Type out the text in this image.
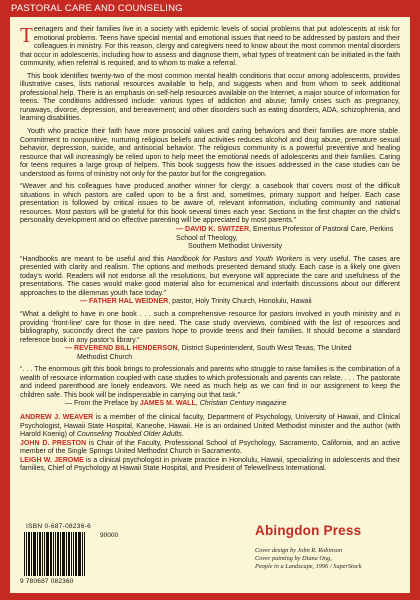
PASTORAL CARE AND COUNSELING

Teenagers and their families live in a society with epidemic levels of social problems that put adolescents at risk for emotional problems. Teens have special mental and emotional issues that need to be addressed by pastors and their colleagues in ministry. For this reason, clergy and caregivers need to know about the most common mental disorders that occur in adolescents, including how to assess and diagnose them, what types of treatment can be initiated in the faith community, when referral is required, and to whom to make a referral.

This book identifies twenty-two of the most common mental health conditions that occur among adolescents, provides illustrative cases, lists national resources available to help, and suggests when and from whom to seek additional professional help. There is an emphasis on self-help resources available on the Internet, a major source of information for teens. The conditions addressed include: various types of addiction and abuse; family crises such as pregnancy, runaways, divorce, depression, and bereavement; and other disorders such as eating disorders, ADA, schizophrenia, and learning disabilities.

Youth who practice their faith have more prosocial values and caring behaviors and their families are more stable. Commitment to nonpunitive, nurturing religious beliefs and activities reduces alcohol and drug abuse, premature sexual behavior, depression, suicide, and antisocial behavior. The religious community is a powerful preventive and healing resource that will increasingly be relied upon to help meet the emotional needs of adolescents and their families. Caring for teens requires a large group of helpers. This book suggests how the issues addressed in the case studies can be understood as forms of ministry not only for the pastor but for the congregation.

“Weaver and his colleagues have produced another winner for clergy: a casebook that covers most of the difficult situations in which pastors are called upon to be a first and, sometimes, primary support and helper. Each case presentation is followed by critical issues to be aware of, relevant information, including community and national resources. Most pastors will be grateful for this book several times each year. Sections in the first chapter on the child’s personality development and on effective parenting will be appreciated by most parents.”

— DAVID K. SWITZER, Emeritus Professor of Pastoral Care, Perkins School of Theology,
Southern Methodist University

“Handbooks are meant to be useful and this Handbook for Pastors and Youth Workers is very useful. The cases are presented with clarity and realism. The options and methods presented demand study. Each case is a likely one given today’s world. Readers will not endorse all the resolutions, but everyone will appreciate the care and usefulness of the presentations. The cases would make good material also for ecumenical and interfaith discussions about our different approaches to the dilemmas youth face today.”

— FATHER HAL WEIDNER, pastor, Holy Trinity Church, Honolulu, Hawaii

“What a delight to have in one book . . . such a comprehensive resource for pastors involved in youth ministry and in providing ‘front-line’ care for those in dire need. The case study overviews, combined with the list of resources and bibliography, succinctly direct the care pastors hope to provide teens and their families. It should become a standard reference book in any pastor’s library.”

— REVEREND BILL HENDERSON, District Superintendent, South West Texas, The United
Methodist Church

“. . . The enormous gift this book brings to professionals and parents who struggle to raise families is the combination of a wealth of resource information coupled with case studies to which professionals and parents can relate. . . . The pastorate and indeed parenthood are lonely endeavors. We need as much help as we can find in our assignment to keep the children safe. This book will be indispensable in carrying out that task.”

— From the Preface by JAMES M. WALL, Christian Century magazine

ANDREW J. WEAVER is a member of the clinical faculty, Department of Psychology, University of Hawaii, and Clinical Psychologist, Hawaii State Hospital, Kaneohe, Hawaii. He is an ordained United Methodist minister and the author (with Harold Koenig) of Counseling Troubled Older Adults.

JOHN D. PRESTON is Chair of the Faculty, Professional School of Psychology, Sacramento, California, and an active member of the Single Springs United Methodist Church in Sacramento.

LEIGH W. JEROME is a clinical psychologist in private practice in Honolulu, Hawaii, specializing in adolescents and their families, Chief of Psychology at Hawaii State Hospital, and President of Telewellness International.

ISBN 0-687-08236-6
90000
9 780687 082360
Abingdon Press
Cover design by John R. Robinson
Cover painting by Diana Ong,
People in a Landscape, 1996 / SuperStock
